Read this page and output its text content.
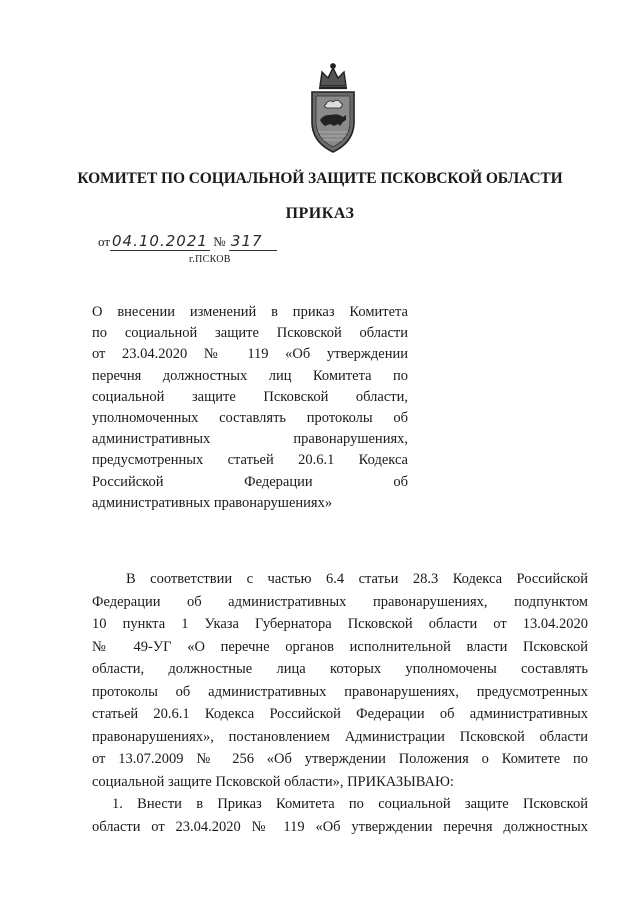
КОМИТЕТ ПО СОЦИАЛЬНОЙ ЗАЩИТЕ ПСКОВСКОЙ ОБЛАСТИ
ПРИКАЗ
от 04.10.2021 № 317
г.ПСКОВ
О внесении изменений в приказ Комитета
по социальной защите Псковской области
от 23.04.2020 № 119 «Об утверждении
перечня должностных лиц Комитета по
социальной защите Псковской области,
уполномоченных составлять протоколы об
административных правонарушениях,
предусмотренных статьей 20.6.1 Кодекса
Российской Федерации об
административных правонарушениях»
В соответствии с частью 6.4 статьи 28.3 Кодекса Российской
Федерации об административных правонарушениях, подпунктом
10 пункта 1 Указа Губернатора Псковской области от 13.04.2020
№ 49-УГ «О перечне органов исполнительной власти Псковской
области, должностные лица которых уполномочены составлять
протоколы об административных правонарушениях, предусмотренных
статьей 20.6.1 Кодекса Российской Федерации об административных
правонарушениях», постановлением Администрации Псковской области
от 13.07.2009 № 256 «Об утверждении Положения о Комитете по
социальной защите Псковской области», ПРИКАЗЫВАЮ:
1. Внести в Приказ Комитета по социальной защите Псковской
области от 23.04.2020 № 119 «Об утверждении перечня должностных
